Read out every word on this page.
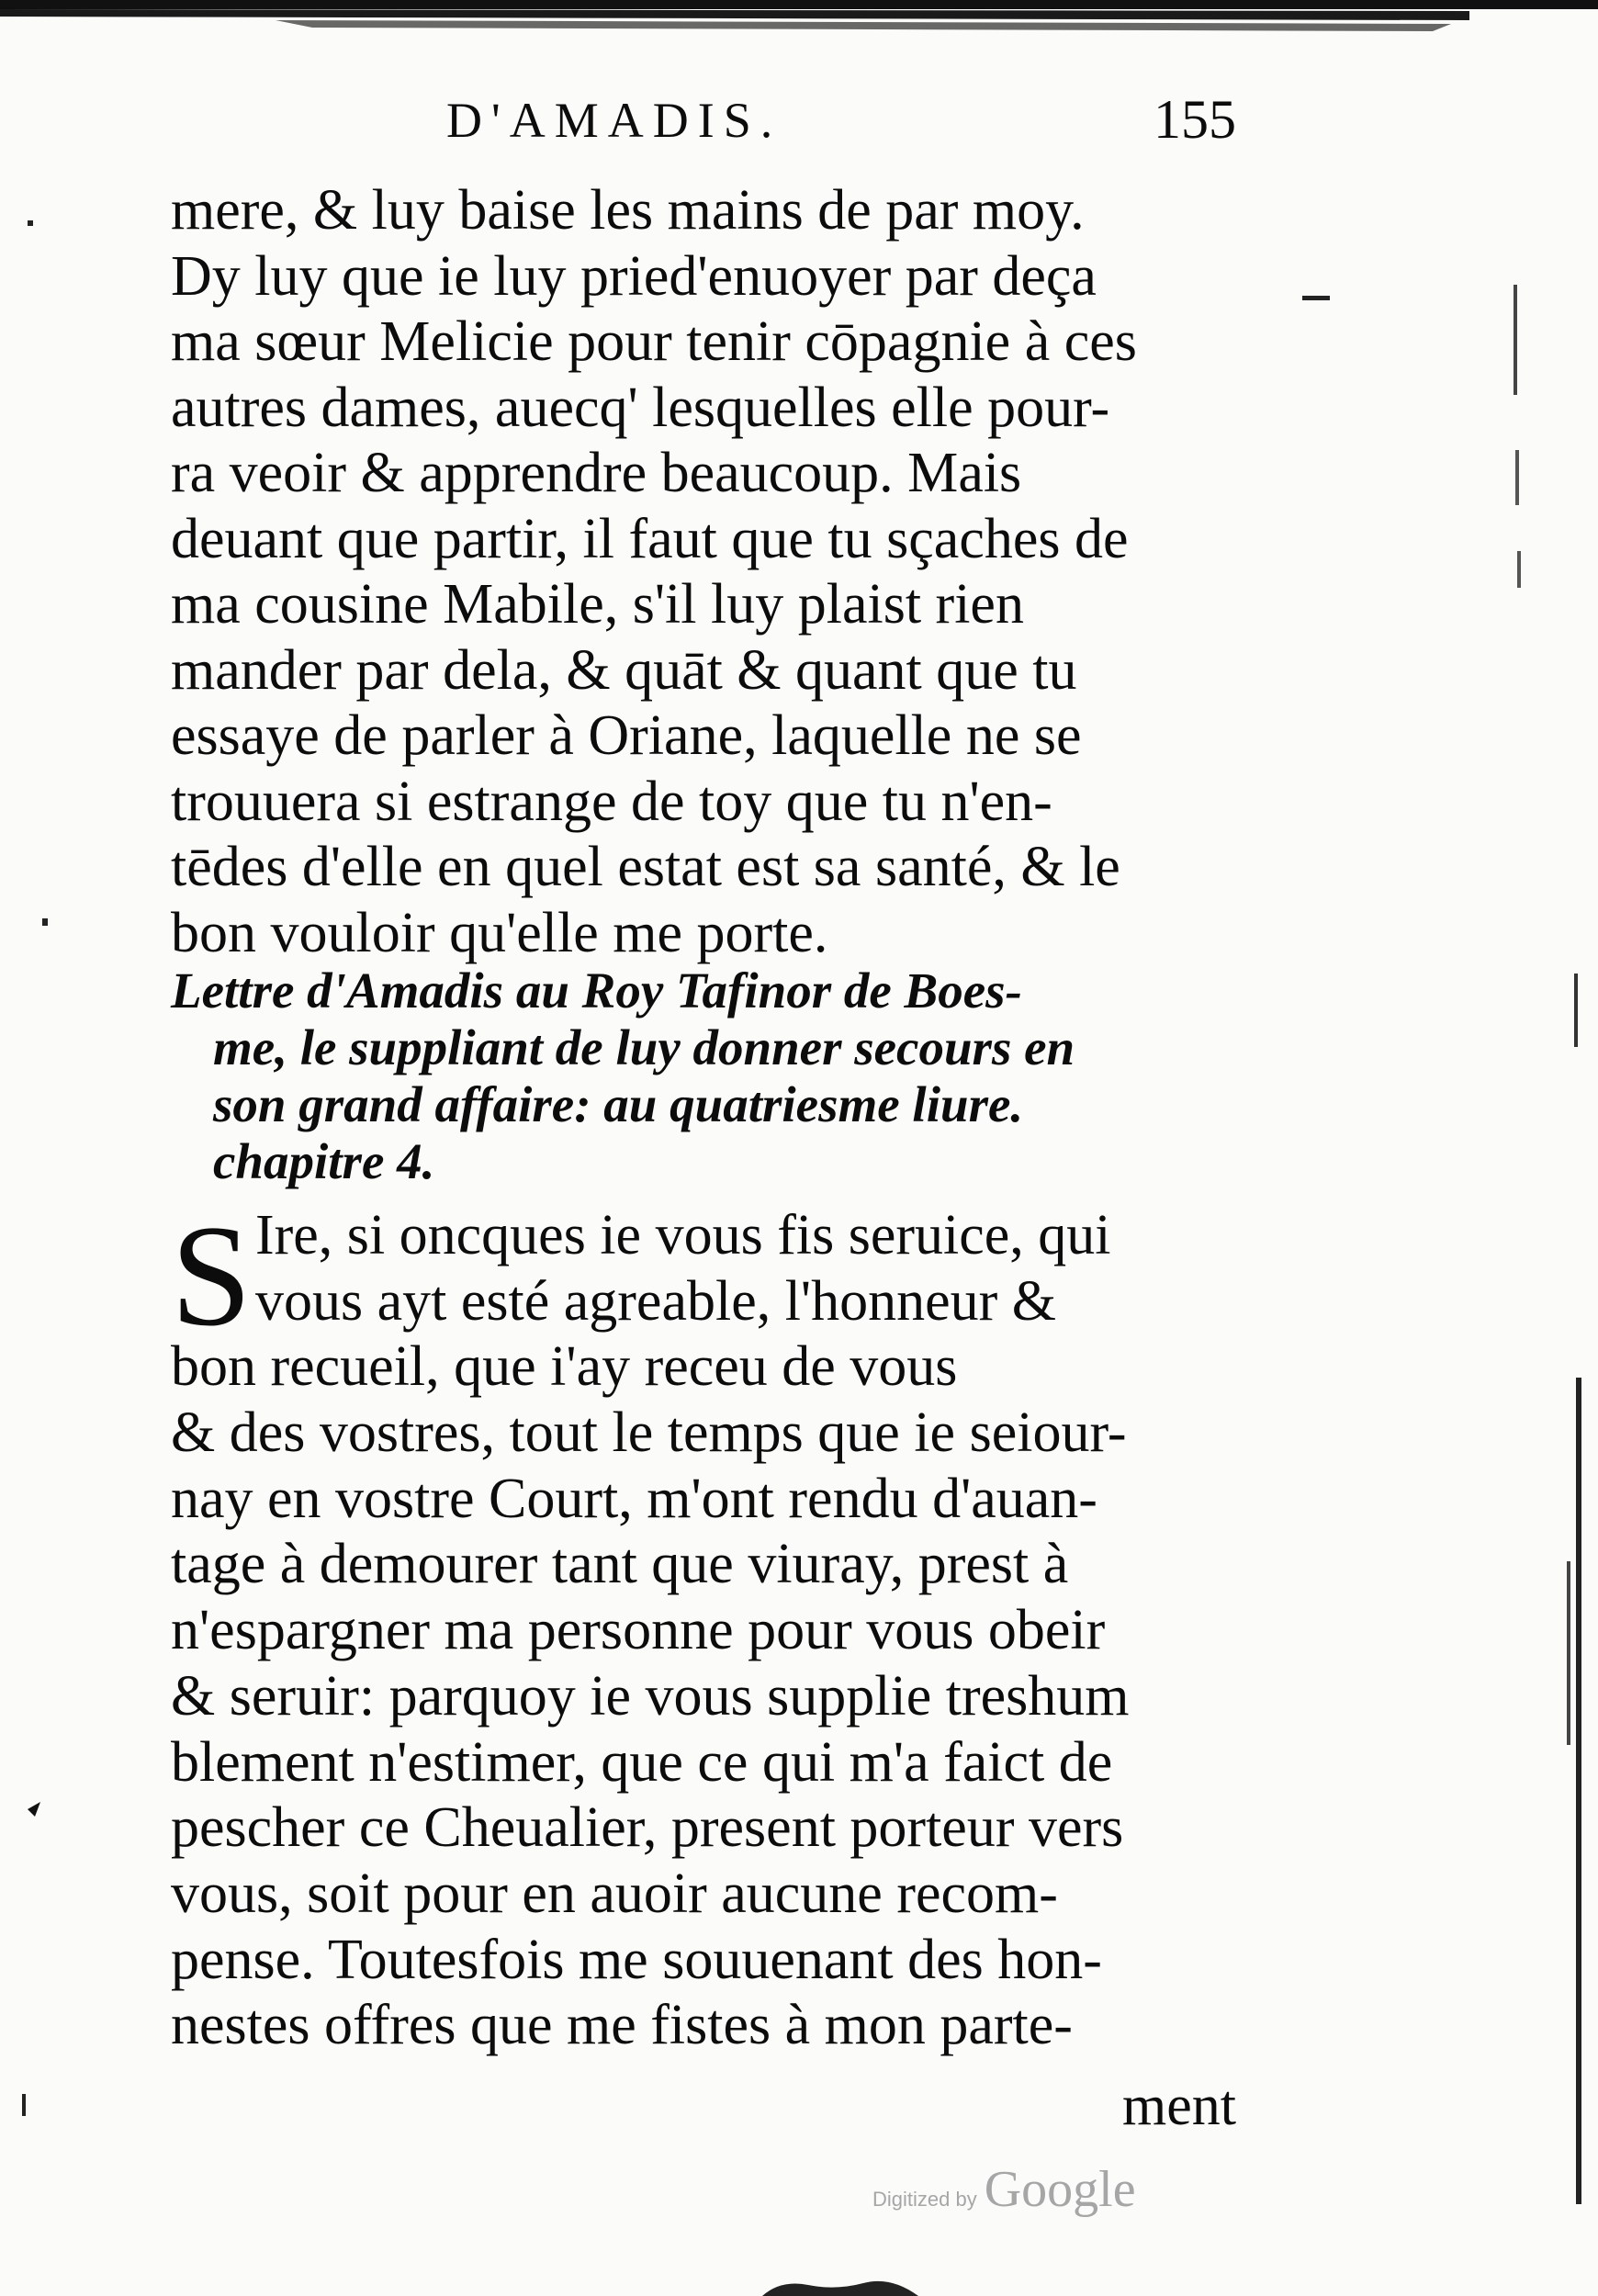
D'AMADIS.	155
mere, & luy baise les mains de par moy.
Dy luy que ie luy pried'enuoyer par deça
ma sœur Melicie pour tenir cōpagnie à ces
autres dames, auecq' lesquelles elle pour-
ra veoir & apprendre beaucoup. Mais
deuant que partir, il faut que tu sçaches de
ma cousine Mabile, s'il luy plaist rien
mander par dela, & quāt & quant que tu
essaye de parler à Oriane, laquelle ne se
trouuera si estrange de toy que tu n'en-
tēdes d'elle en quel estat est sa santé, & le
bon vouloir qu'elle me porte.
Lettre d'Amadis au Roy Tafinor de Boes-
me, le suppliant de luy donner secours en
son grand affaire: au quatriesme liure.
chapitre 4.
S Ire, si oncques ie vous fis seruice, qui
vous ayt esté agreable, l'honneur &
bon recueil, que i'ay receu de vous
& des vostres, tout le temps que ie seiour-
nay en vostre Court, m'ont rendu d'auan-
tage à demourer tant que viuray, prest à
n'espargner ma personne pour vous obeir
& seruir: parquoy ie vous supplie treshum
blement n'estimer, que ce qui m'a faict de
pescher ce Cheualier, present porteur vers
vous, soit pour en auoir aucune recom-
pense. Toutesfois me souuenant des hon-
nestes offres que me fistes à mon parte-
ment
Digitized by Google
